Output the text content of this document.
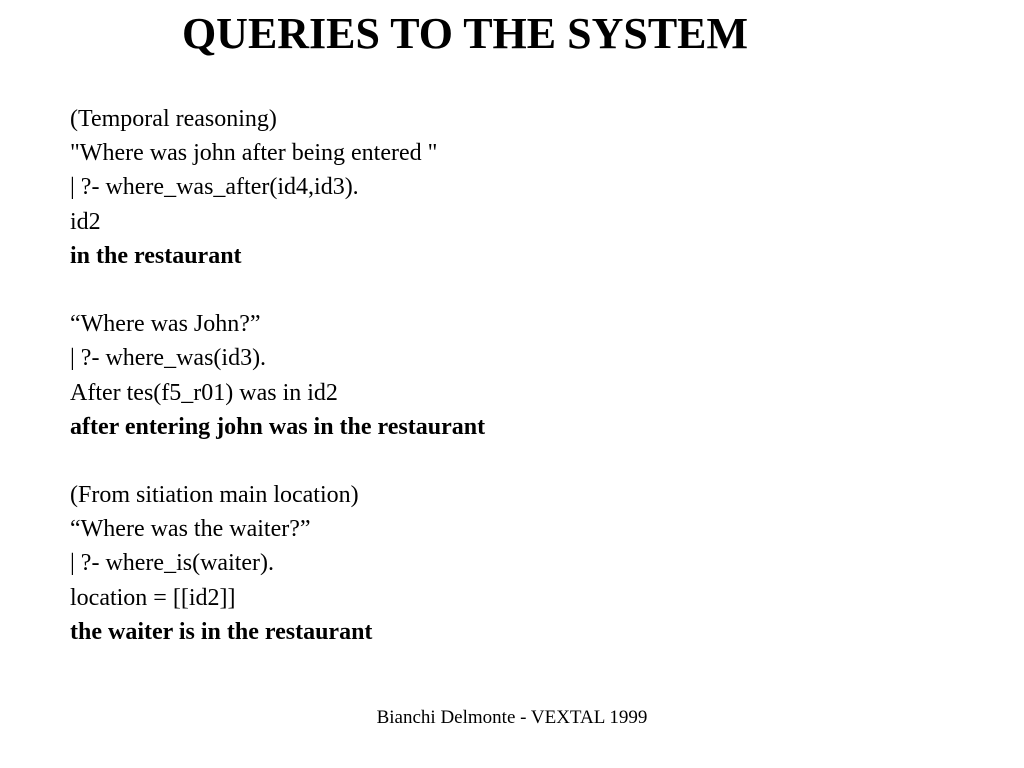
QUERIES TO THE SYSTEM
(Temporal reasoning)
"Where was john after being entered "
| ?- where_was_after(id4,id3).
id2
in the restaurant
“Where was John?”
| ?- where_was(id3).
After tes(f5_r01) was in id2
after entering john was in the restaurant
(From sitiation main location)
“Where was the waiter?”
| ?- where_is(waiter).
location = [[id2]]
the waiter is in the restaurant
Bianchi Delmonte - VEXTAL 1999
